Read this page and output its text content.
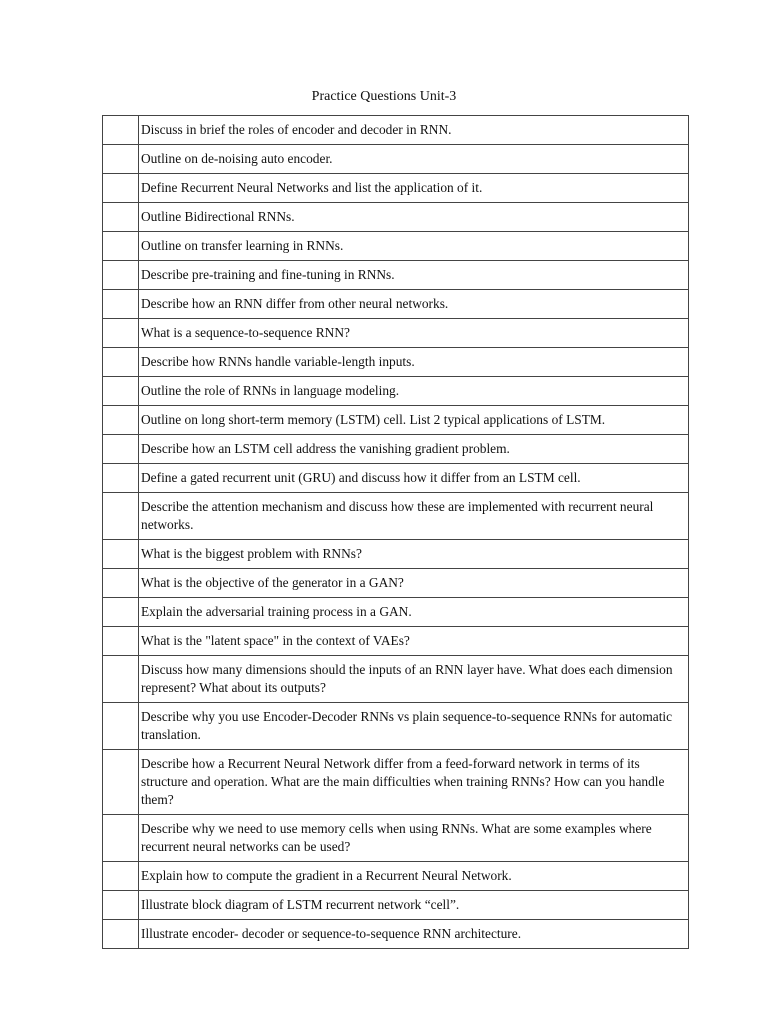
Practice Questions Unit-3
	Discuss in brief the roles of encoder and decoder in RNN.
	Outline on de-noising auto encoder.
	Define Recurrent Neural Networks and list the application of it.
	Outline Bidirectional RNNs.
	Outline on transfer learning in RNNs.
	Describe pre-training and fine-tuning in RNNs.
	Describe how an RNN differ from other neural networks.
	What is a sequence-to-sequence RNN?
	Describe how RNNs handle variable-length inputs.
	Outline the role of RNNs in language modeling.
	Outline on long short-term memory (LSTM) cell. List 2 typical applications of LSTM.
	Describe how an LSTM cell address the vanishing gradient problem.
	Define a gated recurrent unit (GRU) and discuss how it differ from an LSTM cell.
	Describe the attention mechanism and discuss how these are implemented with recurrent neural networks.
	What is the biggest problem with RNNs?
	What is the objective of the generator in a GAN?
	Explain the adversarial training process in a GAN.
	What is the "latent space" in the context of VAEs?
	Discuss how many dimensions should the inputs of an RNN layer have. What does each dimension represent? What about its outputs?
	Describe why you use Encoder-Decoder RNNs vs plain sequence-to-sequence RNNs for automatic translation.
	Describe how a Recurrent Neural Network differ from a feed-forward network in terms of its structure and operation. What are the main difficulties when training RNNs? How can you handle them?
	Describe why we need to use memory cells when using RNNs. What are some examples where recurrent neural networks can be used?
	Explain how to compute the gradient in a Recurrent Neural Network.
	Illustrate block diagram of LSTM recurrent network “cell”.
	Illustrate encoder- decoder or sequence-to-sequence RNN architecture.
